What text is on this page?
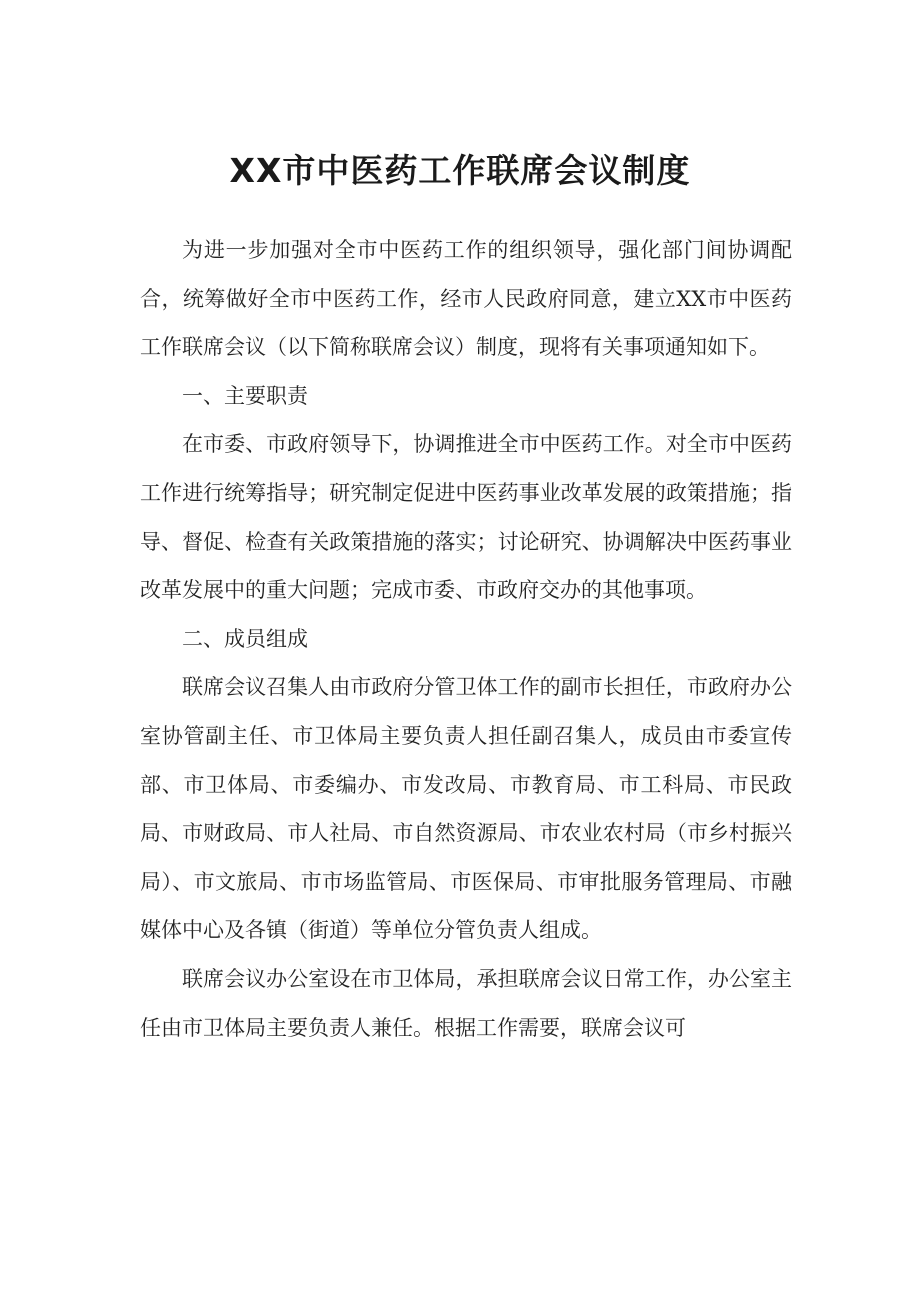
XX市中医药工作联席会议制度

为进一步加强对全市中医药工作的组织领导，强化部门间协调配合，统筹做好全市中医药工作，经市人民政府同意，建立XX市中医药工作联席会议（以下简称联席会议）制度，现将有关事项通知如下。

一、主要职责

在市委、市政府领导下，协调推进全市中医药工作。对全市中医药工作进行统筹指导；研究制定促进中医药事业改革发展的政策措施；指导、督促、检查有关政策措施的落实；讨论研究、协调解决中医药事业改革发展中的重大问题；完成市委、市政府交办的其他事项。

二、成员组成

联席会议召集人由市政府分管卫体工作的副市长担任，市政府办公室协管副主任、市卫体局主要负责人担任副召集人，成员由市委宣传部、市卫体局、市委编办、市发改局、市教育局、市工科局、市民政局、市财政局、市人社局、市自然资源局、市农业农村局（市乡村振兴局）、市文旅局、市市场监管局、市医保局、市审批服务管理局、市融媒体中心及各镇（街道）等单位分管负责人组成。

联席会议办公室设在市卫体局，承担联席会议日常工作，办公室主任由市卫体局主要负责人兼任。根据工作需要，联席会议可
